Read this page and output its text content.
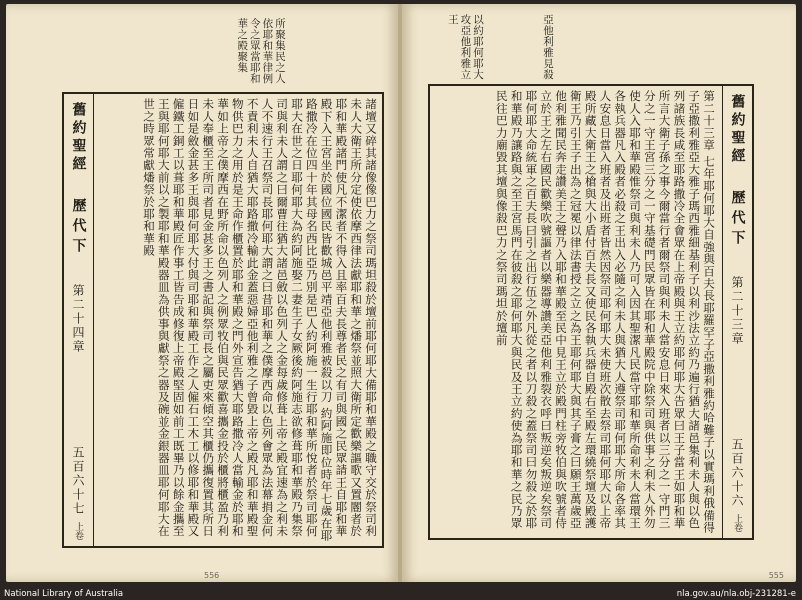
所聚集民之人依耶和華律例令之眾當耶和華之殿聚集
舊約聖經
歷代下
第二十四章
五百六十七
上卷	諸壇又碎其諸像像巴力之祭司瑪坦殺於壇前耶何耶大備耶和華殿之職守交於祭司利未人大衛王所分定使依摩西律法獻耶和華之燔祭並照大衛所定歡樂謳歌又置閽者於耶和華殿諸門使凡不潔者不得入且率百夫長尊者民之有司與國之民眾請王自耶和華殿下入王宮坐於國位國民皆歡城邑平靖亞他利雅被殺以刀 約阿施即位時年七歲在耶路撒冷在位四十年其母名西比亞乃別是巴人約阿施一生行耶和華所悅者於祭司耶何耶大在世之日耶何耶大為約阿施娶二妻生子女厥後約阿施志欲修葺耶和華殿乃集祭司與利未人謂之曰爾曹往猶大諸邑斂以色列人之金每歲修葺上帝之殿宜速為之利未人不速行王召祭司長耶何耶大謂之曰昔耶和華之僕摩西命以色列會眾為法幕捐金何不責利未人自猶大耶路撒冷輸此金蓋惡婦亞他利雅之子曾毀上帝之殿凡耶和華殿聖物供巴力之用於是王命作櫃置於耶和華殿之門外宣告猶大耶路撒冷人當輸金於耶和華如上帝之僕摩西在野所命以色列人之例眾牧伯與民眾歡喜攜金投於櫃將櫃盈乃利未人奉櫃至王所司者見金甚多王之書記與祭司長之屬吏來傾空其櫃仍攜復置其所日日如是斂金甚多王與耶何耶大付與司耶和華殿工作之人僱石工木工以修耶和華殿又僱鐵工銅工以葺耶和華殿匠作事工皆告成修復上帝殿堅固如前工既畢乃以餘金攜至王與耶何耶大前以之製耶和華殿器皿為供事與獻祭之器及碗並金銀器皿耶何耶大在世之時眾常獻燔祭於耶和華殿

556
以約耶何耶大攻亞他利雅立王	亞他利雅見殺

第二十三章 七年耶何耶大自強與百夫長耶羅罕子亞撒利雅約哈難子以實瑪利俄備得子亞撒利雅亞大雅子瑪西雅細基利子以利沙法立約乃遍行猶大諸邑集利未人與以色列諸族長咸至耶路撒冷全會眾在上帝殿與王立約耶何耶大告眾曰王子當王如耶和華所言大衛子孫之事今爾當行者爾祭司與利未人當安息日來入班者以三分之一守門三分之一守王宮三分之一守基礎門民眾皆在耶和華殿院中除祭司與供事之利未人外勿使人入耶和華殿惟祭司與利未人乃可入因其聖潔凡民當守耶和華所命利未人當環王各執兵器凡入殿者必殺之王出入必隨之利未人與猶大人遵祭司耶何耶大所命各率其人安息日當入班者及出班者皆然因祭司耶何耶大未使班次散去祭司耶何耶大以上帝殿所藏大衛王之槍與大小盾付百夫長又使民各執兵器自殿右至殿左環繞祭壇及殿護衛王乃引王子出為之冠冕以律法書授之立之為王耶何耶大與其子膏之曰願王萬歲亞他利雅聞民奔走讚美王之聲乃入耶和華殿至民中見王立於殿門柱旁牧伯與吹號者侍立於王之左右國民歡樂吹號謳者以樂器導讚美亞他利雅裂衣呼曰叛逆矣叛逆矣祭司耶何耶大命統軍之百夫長曰引之出行伍之外凡從之者以刀殺之蓋祭司曰勿殺之於耶和華殿乃讓路與之至王宮馬門在彼殺之耶何耶大與民及王立約使為耶和華之民乃眾民往巴力廟毀其壇與像殺巴力之祭司瑪坦於壇前	舊約聖經
歷代下
第二十三章
五百六十六
上卷
555
National Library of Australia	nla.gov.au/nla.obj-231281-e
